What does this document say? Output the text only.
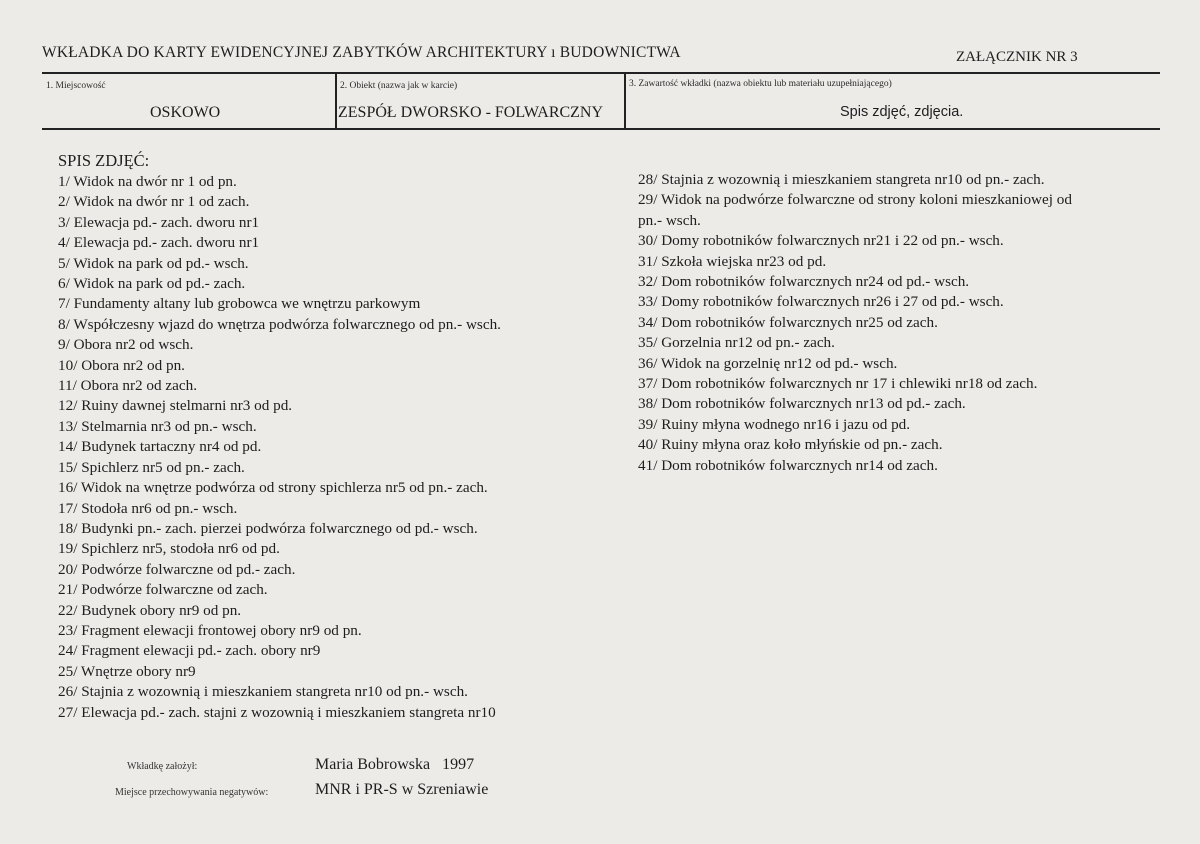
WKŁADKA DO KARTY EWIDENCYJNEJ ZABYTKÓW ARCHITEKTURY ı BUDOWNICTWA	ZAŁĄCZNIK NR 3
1. Miejscowość
OSKOWO
2. Obiekt (nazwa jak w karcie)
ZESPÓŁ DWORSKO - FOLWARCZNY
3. Zawartość wkładki (nazwa obiektu lub materiału uzupełniającego)
Spis zdjęć, zdjęcia.
SPIS ZDJĘĆ:
1/ Widok na dwór nr 1 od pn.
2/ Widok na dwór nr 1 od zach.
3/ Elewacja pd.- zach. dworu nr1
4/ Elewacja pd.- zach. dworu nr1
5/ Widok na park od pd.- wsch.
6/ Widok na park od pd.- zach.
7/ Fundamenty altany lub grobowca we wnętrzu parkowym
8/ Współczesny wjazd do wnętrza podwórza folwarcznego od pn.- wsch.
9/ Obora nr2 od wsch.
10/ Obora nr2 od pn.
11/ Obora nr2 od zach.
12/ Ruiny dawnej stelmarni nr3 od pd.
13/ Stelmarnia nr3 od pn.- wsch.
14/ Budynek tartaczny nr4 od pd.
15/ Spichlerz nr5 od pn.- zach.
16/ Widok na wnętrze podwórza od strony spichlerza nr5 od pn.- zach.
17/ Stodoła nr6 od pn.- wsch.
18/ Budynki pn.- zach. pierzei podwórza folwarcznego od pd.- wsch.
19/ Spichlerz nr5, stodoła nr6 od pd.
20/ Podwórze folwarczne od pd.- zach.
21/ Podwórze folwarczne od zach.
22/ Budynek obory nr9 od pn.
23/ Fragment elewacji frontowej obory nr9 od pn.
24/ Fragment elewacji pd.- zach. obory nr9
25/ Wnętrze obory nr9
26/ Stajnia z wozownią i mieszkaniem stangreta nr10 od pn.- wsch.
27/ Elewacja pd.- zach. stajni z wozownią i mieszkaniem stangreta nr10
28/ Stajnia z wozownią i mieszkaniem stangreta nr10 od pn.- zach.
29/ Widok na podwórze folwarczne od strony koloni mieszkaniowej od
pn.- wsch.
30/ Domy robotników folwarcznych nr21 i 22 od pn.- wsch.
31/ Szkoła wiejska nr23 od pd.
32/ Dom robotników folwarcznych nr24 od pd.- wsch.
33/ Domy robotników folwarcznych nr26 i 27 od pd.- wsch.
34/ Dom robotników folwarcznych nr25 od zach.
35/ Gorzelnia nr12 od pn.- zach.
36/ Widok na gorzelnię nr12 od pd.- wsch.
37/ Dom robotników folwarcznych nr 17 i chlewiki nr18 od zach.
38/ Dom robotników folwarcznych nr13 od pd.- zach.
39/ Ruiny młyna wodnego nr16 i jazu od pd.
40/ Ruiny młyna oraz koło młyńskie od pn.- zach.
41/ Dom robotników folwarcznych nr14 od zach.
Wkładkę założył:	Maria Bobrowska   1997
Miejsce przechowywania negatywów:	MNR i PR-S w Szreniawie
